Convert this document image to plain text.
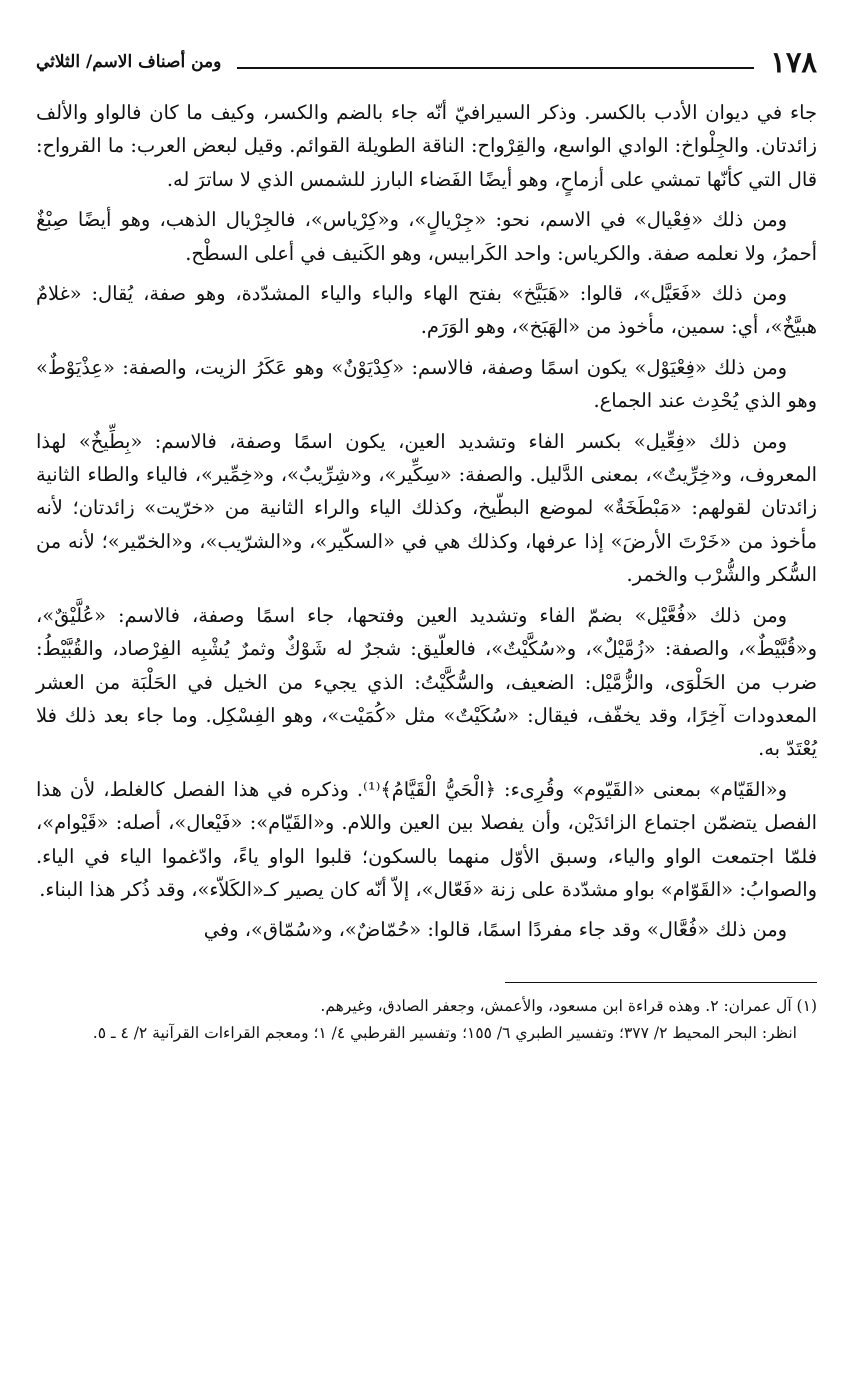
١٧٨
ومن أصناف الاسم/ الثلاثي

جاء في ديوان الأدب بالكسر. وذكر السيرافيّ أنّه جاء بالضم والكسر، وكيف ما كان فالواو والألف زائدتان. والجِلْواخ: الوادي الواسع، والقِرْواح: الناقة الطويلة القوائم. وقيل لبعض العرب: ما القرواح: قال التي كأنّها تمشي على أزماحٍ، وهو أيضًا الفَضاء البارز للشمس الذي لا ساترَ له.

ومن ذلك «فِعْيال» في الاسم، نحو: «جِرْيالٍ»، و«كِرْياس»، فالجِرْيال الذهب، وهو أيضًا صِبْغٌ أحمرُ، ولا نعلمه صفة. والكرياس: واحد الكَرابيس، وهو الكَنيف في أعلى السطْح.

ومن ذلك «فَعَيَّل»، قالوا: «هَبَيَّخ» بفتح الهاء والباء والياء المشدّدة، وهو صفة، يُقال: «غلامٌ هبيَّخٌ»، أي: سمين، مأخوذ من «الهَبَخ»، وهو الوَرَم.

ومن ذلك «فِعْيَوْل» يكون اسمًا وصفة، فالاسم: «كِدْيَوْنٌ» وهو عَكَرُ الزيت، والصفة: «عِذْيَوْطٌ» وهو الذي يُحْدِث عند الجماع.

ومن ذلك «فِعِّيل» بكسر الفاء وتشديد العين، يكون اسمًا وصفة، فالاسم: «بِطِّيخٌ» لهذا المعروف، و«خِرِّيتٌ»، بمعنى الدَّليل. والصفة: «سِكِّير»، و«شِرِّيبٌ»، و«خِمِّير»، فالياء والطاء الثانية زائدتان لقولهم: «مَبْطَخَةٌ» لموضع البطّيخ، وكذلك الياء والراء الثانية من «خرّيت» زائدتان؛ لأنه مأخوذ من «خَرْتَ الأرضَ» إذا عرفها، وكذلك هي في «السكّير»، و«الشرّيب»، و«الخمّير»؛ لأنه من السُّكر والشُّرْب والخمر.

ومن ذلك «فُعَّيْل» بضمّ الفاء وتشديد العين وفتحها، جاء اسمًا وصفة، فالاسم: «عُلَّيْقٌ»، و«قُبَّيْطٌ»، والصفة: «زُمَّيْلٌ»، و«سُكَّيْتٌ»، فالعلّيق: شجرٌ له شَوْكٌ وثمرٌ يُشْبِه الفِرْصاد، والقُبَّيْطُ: ضرب من الحَلْوَى، والزُّمَّيْل: الضعيف، والسُّكَّيْتُ: الذي يجيء من الخيل في الحَلْبَة من العشر المعدودات آخِرًا، وقد يخفّف، فيقال: «سُكَيْتٌ» مثل «كُمَيْت»، وهو الفِسْكِل. وما جاء بعد ذلك فلا يُعْتَدّ به.

و«القَيّام» بمعنى «القَيّوم» وقُرِىء: ﴿الْحَيُّ الْقَيَّامُ﴾⁽¹⁾. وذكره في هذا الفصل كالغلط، لأن هذا الفصل يتضمّن اجتماع الزائدَيْن، وأن يفصلا بين العين واللام. و«القَيّام»: «فَيْعال»، أصله: «قَيْوام»، فلمّا اجتمعت الواو والياء، وسبق الأوّل منهما بالسكون؛ قلبوا الواو ياءً، وادّغموا الياء في الياء. والصوابُ: «القَوّام» بواو مشدّدة على زنة «فَعّال»، إلاّ أنّه كان يصير كـ«الكَلاّء»، وقد ذُكر هذا البناء.

ومن ذلك «فُعَّال» وقد جاء مفردًا اسمًا، قالوا: «حُمّاضٌ»، و«سُمّاق»، وفي

(١) آل عمران: ٢. وهذه قراءة ابن مسعود، والأعمش، وجعفر الصادق، وغيرهم.

انظر: البحر المحيط ٢/ ٣٧٧؛ وتفسير الطبري ٦/ ١٥٥؛ وتفسير القرطبي ٤/ ١؛ ومعجم القراءات القرآنية ٢/ ٤ ـ ٥.
